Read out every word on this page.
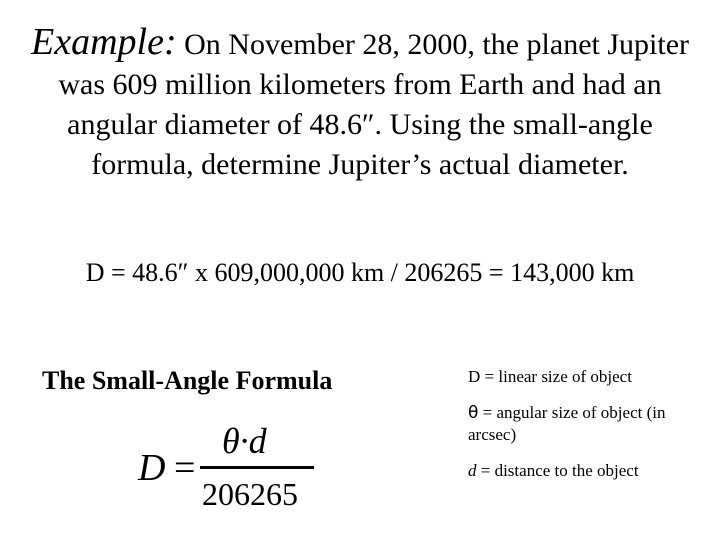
Example: On November 28, 2000, the planet Jupiter was 609 million kilometers from Earth and had an angular diameter of 48.6″. Using the small-angle formula, determine Jupiter’s actual diameter.
D = 48.6″ x 609,000,000 km / 206265 = 143,000 km
The Small-Angle Formula
D =
θ·d
206265
D = linear size of object
θ = angular size of object (in arcsec)
d = distance to the object
